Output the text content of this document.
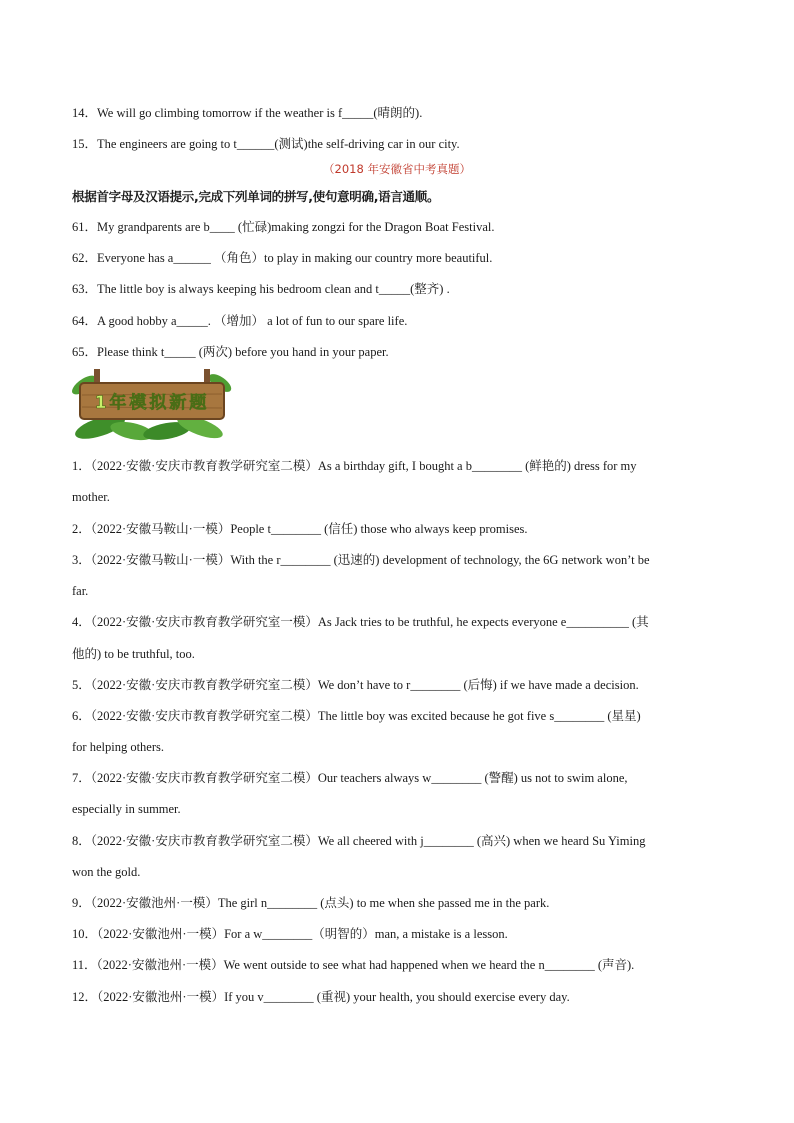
14．We will go climbing tomorrow if the weather is f_____(晴朗的).
15．The engineers are going to t______(测试)the self-driving car in our city.
（2018 年安徽省中考真题）
根据首字母及汉语提示,完成下列单词的拼写,使句意明确,语言通顺。
61．My grandparents are b____ (忙碌)making zongzi for the Dragon Boat Festival.
62．Everyone has a______ （角色）to play in making our country more beautiful.
63．The little boy is always keeping his bedroom clean and t_____(整齐) .
64．A good hobby a_____. （增加） a lot of fun to our spare life.
65．Please think t_____ (两次) before you hand in your paper.
1年模拟新题
1．（2022·安徽·安庆市教育教学研究室二模）As a birthday gift, I bought a b________ (鲜艳的) dress for my
mother.
2．（2022·安徽马鞍山·一模）People t________ (信任) those who always keep promises.
3．（2022·安徽马鞍山·一模）With the r________ (迅速的) development of technology, the 6G network won’t be
far.
4．（2022·安徽·安庆市教育教学研究室一模）As Jack tries to be truthful, he expects everyone e__________ (其
他的) to be truthful, too.
5．（2022·安徽·安庆市教育教学研究室二模）We don’t have to r________ (后悔) if we have made a decision.
6．（2022·安徽·安庆市教育教学研究室二模）The little boy was excited because he got five s________ (星星)
for helping others.
7．（2022·安徽·安庆市教育教学研究室二模）Our teachers always w________ (警醒) us not to swim alone,
especially in summer.
8．（2022·安徽·安庆市教育教学研究室二模）We all cheered with j________ (高兴) when we heard Su Yiming
won the gold.
9．（2022·安徽池州·一模）The girl n________ (点头) to me when she passed me in the park.
10．（2022·安徽池州·一模）For a w________（明智的）man, a mistake is a lesson.
11．（2022·安徽池州·一模）We went outside to see what had happened when we heard the n________ (声音).
12．（2022·安徽池州·一模）If you v________ (重视) your health, you should exercise every day.
